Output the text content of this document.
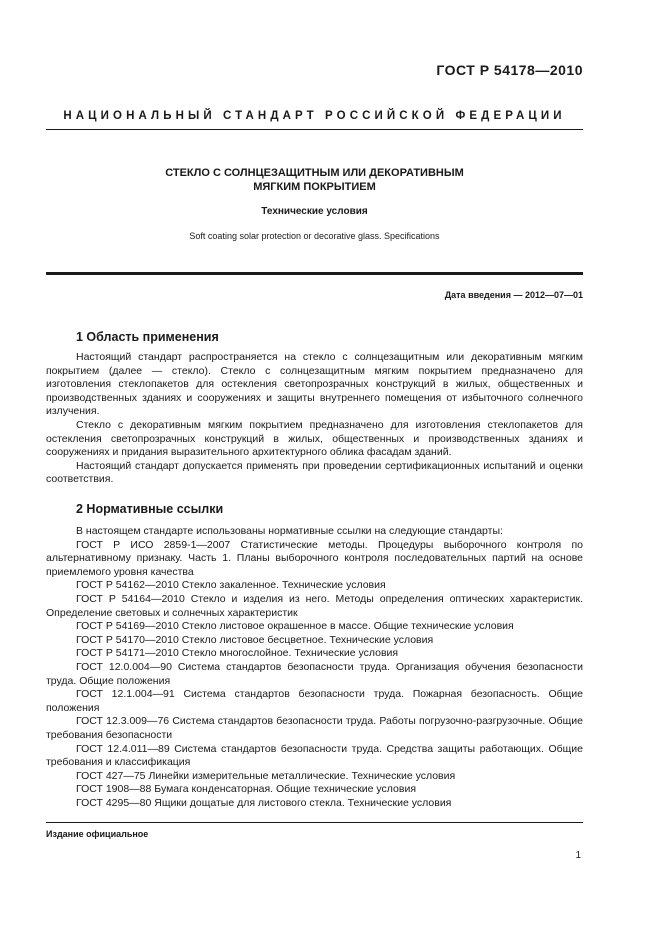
ГОСТ Р 54178—2010
НАЦИОНАЛЬНЫЙ СТАНДАРТ РОССИЙСКОЙ ФЕДЕРАЦИИ
СТЕКЛО С СОЛНЦЕЗАЩИТНЫМ ИЛИ ДЕКОРАТИВНЫМ
МЯГКИМ ПОКРЫТИЕМ
Технические условия
Soft coating solar protection or decorative glass. Specifications
Дата введения — 2012—07—01
1 Область применения

Настоящий стандарт распространяется на стекло с солнцезащитным или декоративным мягким покрытием (далее — стекло). Стекло с солнцезащитным мягким покрытием предназначено для изготовления стеклопакетов для остекления светопрозрачных конструкций в жилых, общественных и производственных зданиях и сооружениях и защиты внутреннего помещения от избыточного солнечного излучения.

Стекло с декоративным мягким покрытием предназначено для изготовления стеклопакетов для остекления светопрозрачных конструкций в жилых, общественных и производственных зданиях и сооружениях и придания выразительного архитектурного облика фасадам зданий.

Настоящий стандарт допускается применять при проведении сертификационных испытаний и оценки соответствия.

2 Нормативные ссылки

В настоящем стандарте использованы нормативные ссылки на следующие стандарты:

ГОСТ Р ИСО 2859-1—2007 Статистические методы. Процедуры выборочного контроля по альтернативному признаку. Часть 1. Планы выборочного контроля последовательных партий на основе приемлемого уровня качества

ГОСТ Р 54162—2010 Стекло закаленное. Технические условия

ГОСТ Р 54164—2010 Стекло и изделия из него. Методы определения оптических характеристик. Определение световых и солнечных характеристик

ГОСТ Р 54169—2010 Стекло листовое окрашенное в массе. Общие технические условия

ГОСТ Р 54170—2010 Стекло листовое бесцветное. Технические условия

ГОСТ Р 54171—2010 Стекло многослойное. Технические условия

ГОСТ 12.0.004—90 Система стандартов безопасности труда. Организация обучения безопасности труда. Общие положения

ГОСТ 12.1.004—91 Система стандартов безопасности труда. Пожарная безопасность. Общие положения

ГОСТ 12.3.009—76 Система стандартов безопасности труда. Работы погрузочно-разгрузочные. Общие требования безопасности

ГОСТ 12.4.011—89 Система стандартов безопасности труда. Средства защиты работающих. Общие требования и классификация

ГОСТ 427—75 Линейки измерительные металлические. Технические условия

ГОСТ 1908—88 Бумага конденсаторная. Общие технические условия

ГОСТ 4295—80 Ящики дощатые для листового стекла. Технические условия

Издание официальное
1
